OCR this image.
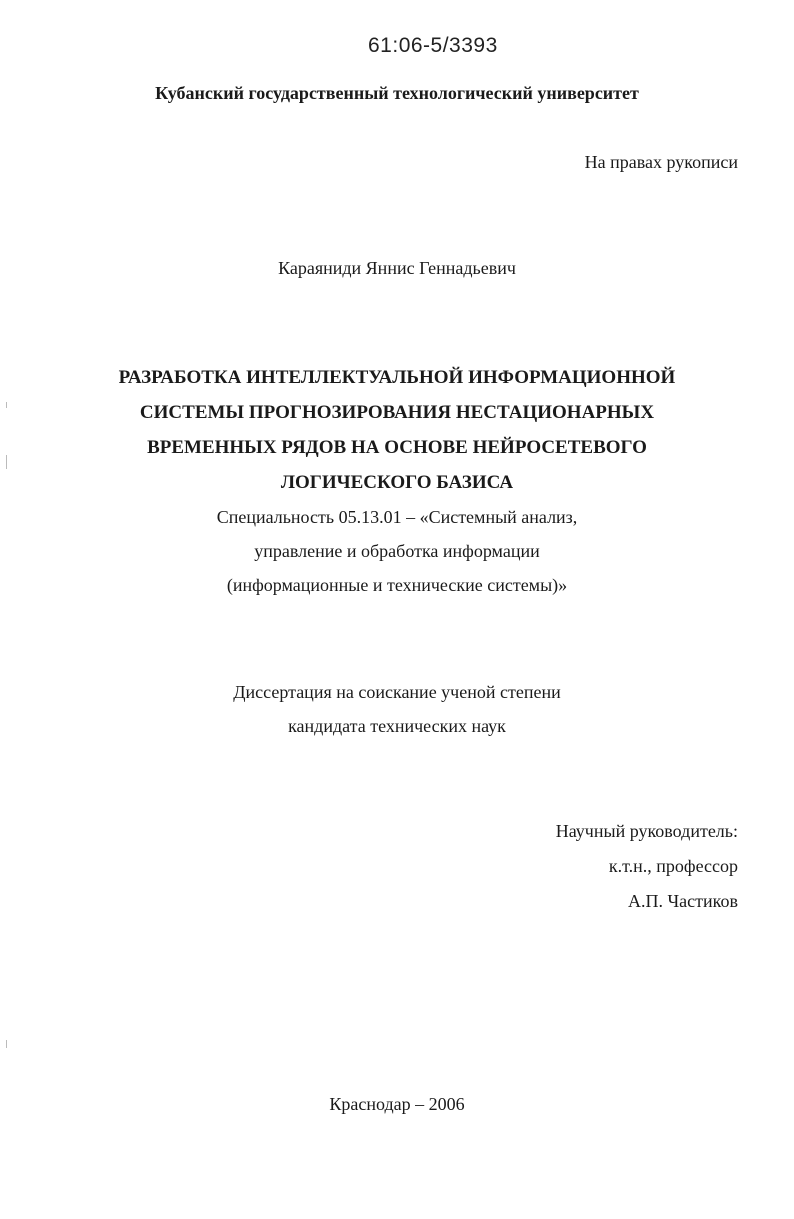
61:06-5/3393
Кубанский государственный технологический университет
На правах рукописи
Караяниди Яннис Геннадьевич
РАЗРАБОТКА ИНТЕЛЛЕКТУАЛЬНОЙ ИНФОРМАЦИОННОЙ
СИСТЕМЫ ПРОГНОЗИРОВАНИЯ НЕСТАЦИОНАРНЫХ
ВРЕМЕННЫХ РЯДОВ НА ОСНОВЕ НЕЙРОСЕТЕВОГО
ЛОГИЧЕСКОГО БАЗИСА
Специальность 05.13.01 – «Системный анализ,
управление и обработка информации
(информационные и технические системы)»
Диссертация на соискание ученой степени
кандидата технических наук
Научный руководитель:
к.т.н., профессор
А.П. Частиков
Краснодар – 2006
